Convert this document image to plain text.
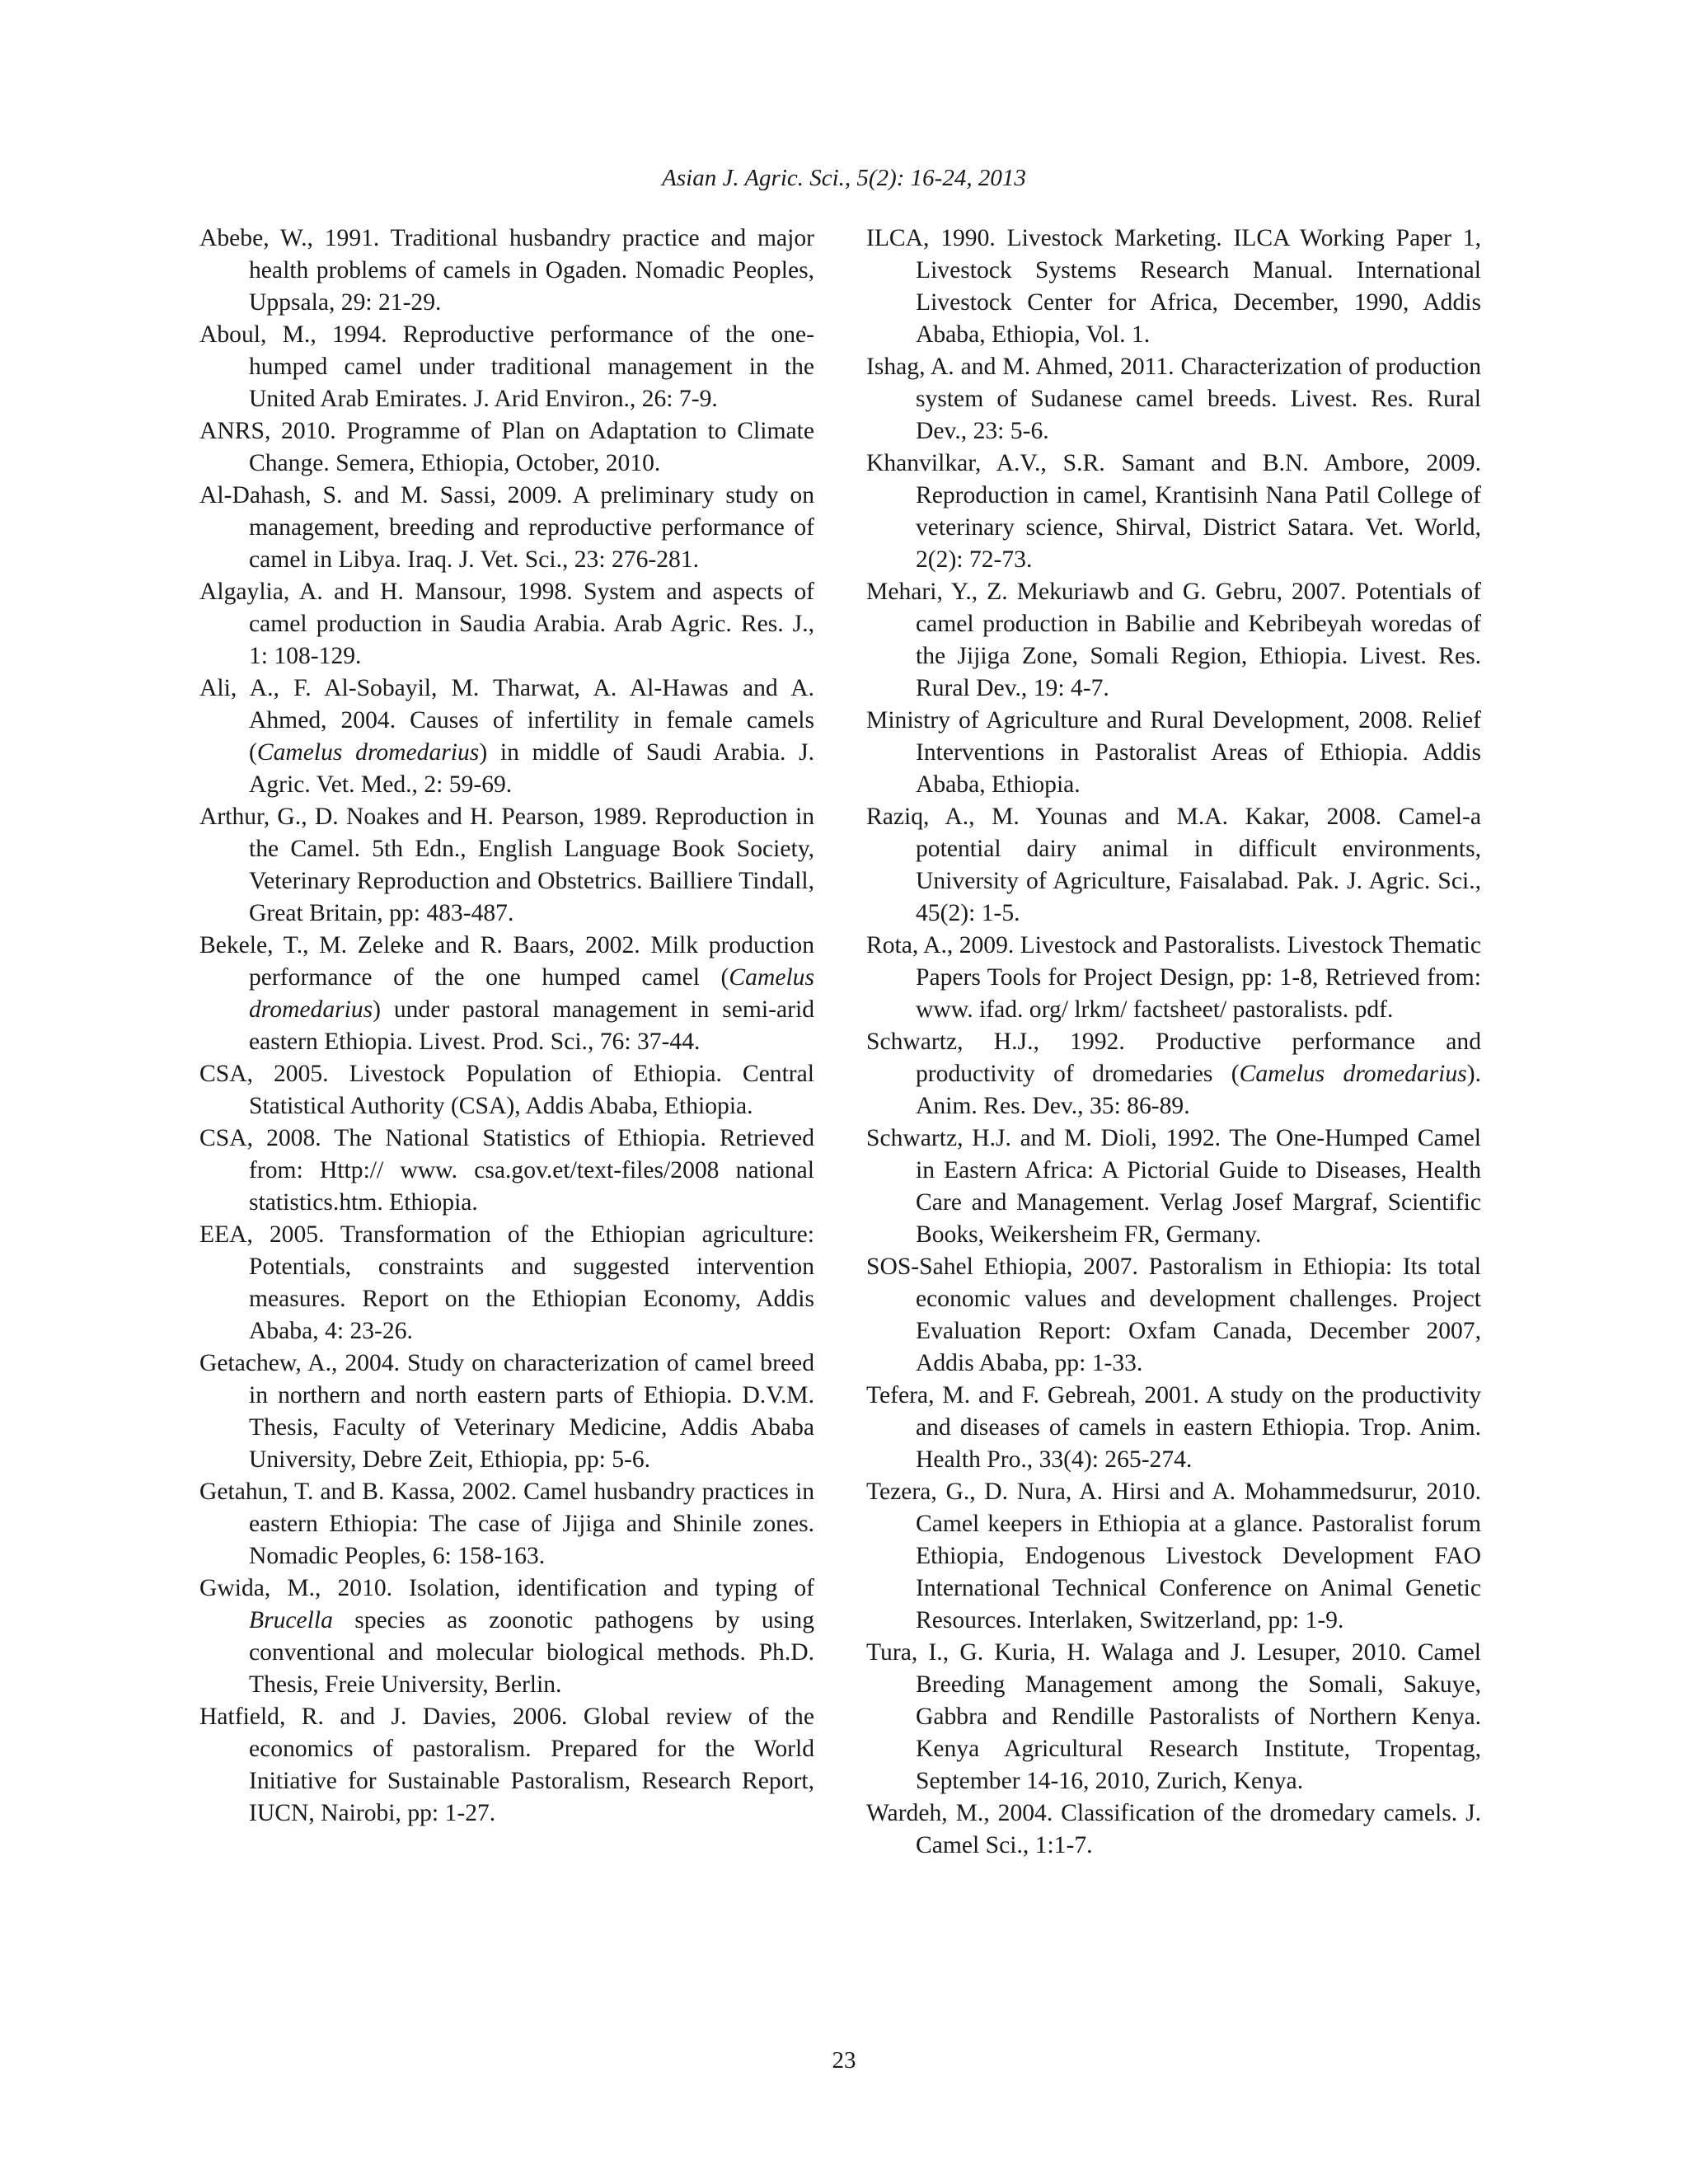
Asian J. Agric. Sci., 5(2): 16-24, 2013

Abebe, W., 1991. Traditional husbandry practice and major health problems of camels in Ogaden. Nomadic Peoples, Uppsala, 29: 21-29.

Aboul, M., 1994. Reproductive performance of the one-humped camel under traditional management in the United Arab Emirates. J. Arid Environ., 26: 7-9.

ANRS, 2010. Programme of Plan on Adaptation to Climate Change. Semera, Ethiopia, October, 2010.

Al-Dahash, S. and M. Sassi, 2009. A preliminary study on management, breeding and reproductive performance of camel in Libya. Iraq. J. Vet. Sci., 23: 276-281.

Algaylia, A. and H. Mansour, 1998. System and aspects of camel production in Saudia Arabia. Arab Agric. Res. J., 1: 108-129.

Ali, A., F. Al-Sobayil, M. Tharwat, A. Al-Hawas and A. Ahmed, 2004. Causes of infertility in female camels (Camelus dromedarius) in middle of Saudi Arabia. J. Agric. Vet. Med., 2: 59-69.

Arthur, G., D. Noakes and H. Pearson, 1989. Reproduction in the Camel. 5th Edn., English Language Book Society, Veterinary Reproduction and Obstetrics. Bailliere Tindall, Great Britain, pp: 483-487.

Bekele, T., M. Zeleke and R. Baars, 2002. Milk production performance of the one humped camel (Camelus dromedarius) under pastoral management in semi-arid eastern Ethiopia. Livest. Prod. Sci., 76: 37-44.

CSA, 2005. Livestock Population of Ethiopia. Central Statistical Authority (CSA), Addis Ababa, Ethiopia.

CSA, 2008. The National Statistics of Ethiopia. Retrieved from: Http:// www. csa.gov.et/text-files/2008 national statistics.htm. Ethiopia.

EEA, 2005. Transformation of the Ethiopian agriculture: Potentials, constraints and suggested intervention measures. Report on the Ethiopian Economy, Addis Ababa, 4: 23-26.

Getachew, A., 2004. Study on characterization of camel breed in northern and north eastern parts of Ethiopia. D.V.M. Thesis, Faculty of Veterinary Medicine, Addis Ababa University, Debre Zeit, Ethiopia, pp: 5-6.

Getahun, T. and B. Kassa, 2002. Camel husbandry practices in eastern Ethiopia: The case of Jijiga and Shinile zones. Nomadic Peoples, 6: 158-163.

Gwida, M., 2010. Isolation, identification and typing of Brucella species as zoonotic pathogens by using conventional and molecular biological methods. Ph.D. Thesis, Freie University, Berlin.

Hatfield, R. and J. Davies, 2006. Global review of the economics of pastoralism. Prepared for the World Initiative for Sustainable Pastoralism, Research Report, IUCN, Nairobi, pp: 1-27.

ILCA, 1990. Livestock Marketing. ILCA Working Paper 1, Livestock Systems Research Manual. International Livestock Center for Africa, December, 1990, Addis Ababa, Ethiopia, Vol. 1.

Ishag, A. and M. Ahmed, 2011. Characterization of production system of Sudanese camel breeds. Livest. Res. Rural Dev., 23: 5-6.

Khanvilkar, A.V., S.R. Samant and B.N. Ambore, 2009. Reproduction in camel, Krantisinh Nana Patil College of veterinary science, Shirval, District Satara. Vet. World, 2(2): 72-73.

Mehari, Y., Z. Mekuriawb and G. Gebru, 2007. Potentials of camel production in Babilie and Kebribeyah woredas of the Jijiga Zone, Somali Region, Ethiopia. Livest. Res. Rural Dev., 19: 4-7.

Ministry of Agriculture and Rural Development, 2008. Relief Interventions in Pastoralist Areas of Ethiopia. Addis Ababa, Ethiopia.

Raziq, A., M. Younas and M.A. Kakar, 2008. Camel-a potential dairy animal in difficult environments, University of Agriculture, Faisalabad. Pak. J. Agric. Sci., 45(2): 1-5.

Rota, A., 2009. Livestock and Pastoralists. Livestock Thematic Papers Tools for Project Design, pp: 1-8, Retrieved from: www. ifad. org/ lrkm/ factsheet/ pastoralists. pdf.

Schwartz, H.J., 1992. Productive performance and productivity of dromedaries (Camelus dromedarius). Anim. Res. Dev., 35: 86-89.

Schwartz, H.J. and M. Dioli, 1992. The One-Humped Camel in Eastern Africa: A Pictorial Guide to Diseases, Health Care and Management. Verlag Josef Margraf, Scientific Books, Weikersheim FR, Germany.

SOS-Sahel Ethiopia, 2007. Pastoralism in Ethiopia: Its total economic values and development challenges. Project Evaluation Report: Oxfam Canada, December 2007, Addis Ababa, pp: 1-33.

Tefera, M. and F. Gebreah, 2001. A study on the productivity and diseases of camels in eastern Ethiopia. Trop. Anim. Health Pro., 33(4): 265-274.

Tezera, G., D. Nura, A. Hirsi and A. Mohammedsurur, 2010. Camel keepers in Ethiopia at a glance. Pastoralist forum Ethiopia, Endogenous Livestock Development FAO International Technical Conference on Animal Genetic Resources. Interlaken, Switzerland, pp: 1-9.

Tura, I., G. Kuria, H. Walaga and J. Lesuper, 2010. Camel Breeding Management among the Somali, Sakuye, Gabbra and Rendille Pastoralists of Northern Kenya. Kenya Agricultural Research Institute, Tropentag, September 14-16, 2010, Zurich, Kenya.

Wardeh, M., 2004. Classification of the dromedary camels. J. Camel Sci., 1:1-7.

23
